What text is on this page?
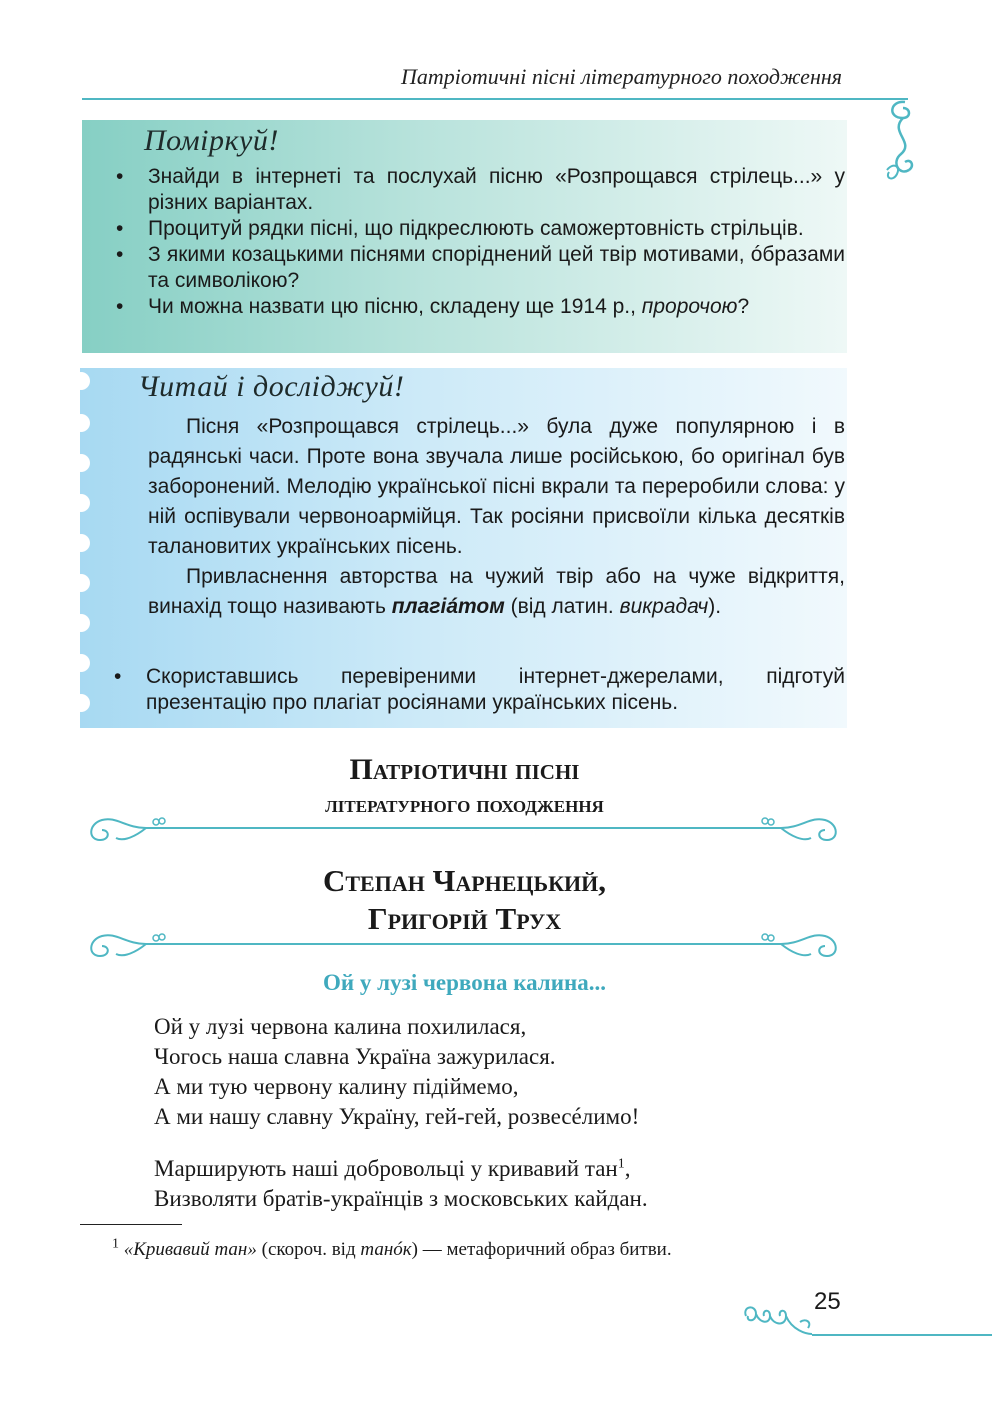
Патріотичні пісні літературного походження
Поміркуй!
• Знайди в інтернеті та послухай пісню «Розпрощався стрілець...» у різних варіантах.
• Процитуй рядки пісні, що підкреслюють саможертовність стрільців.
• З якими козацькими піснями споріднений цей твір мотивами, óбразами та символікою?
• Чи можна назвати цю пісню, складену ще 1914 р., пророчою?
Читай і досліджуй!

Пісня «Розпрощався стрілець...» була дуже популярною і в радянські часи. Проте вона звучала лише російською, бо оригінал був заборонений. Мелодію української пісні вкрали та переробили слова: у ній оспівували червоноармійця. Так росіяни присвоїли кілька десятків талановитих українських пісень.

Привласнення авторства на чужий твір або на чуже відкриття, винахід тощо називають плагіáтом (від латин. викрадач).

• Скориставшись перевіреними інтернет-джерелами, підготуй презентацію про плагіат росіянами українських пісень.
Патріотичні пісні
літературного походження
Степан Чарнецький,
Григорій Трух
Ой у лузі червона калина...
Ой у лузі червона калина похилилася,
Чогось наша славна Україна зажурилася.
А ми тую червону калину підіймемо,
А ми нашу славну Україну, гей-гей, розвесéлимо!
Марширують наші добровольці у кривавий тан$^1$,
Визволяти братів-українців з московських кайдан.
$^1$ «Кривавий тан» (скороч. від танóк) — метафоричний образ битви.
25
